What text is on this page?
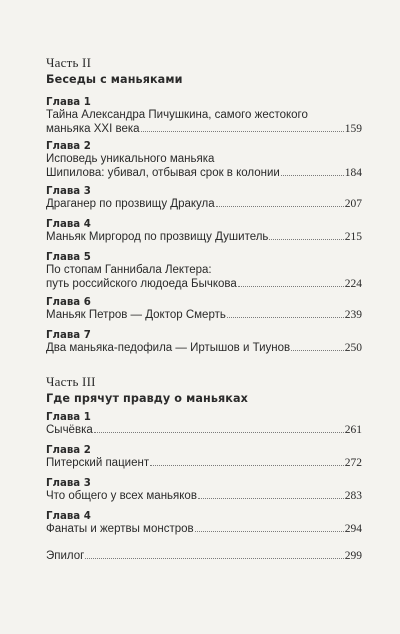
Часть II
Беседы с маньяками
Глава 1
Тайна Александра Пичушкина, самого жестокого
маньяка XXI века	159
Глава 2
Исповедь уникального маньяка
Шипилова: убивал, отбывая срок в колонии	184
Глава 3
Драганер по прозвищу Дракула	207
Глава 4
Маньяк Миргород по прозвищу Душитель	215
Глава 5
По стопам Ганнибала Лектера:
путь российского людоеда Бычкова	224
Глава 6
Маньяк Петров — Доктор Смерть	239
Глава 7
Два маньяка-педофила — Иртышов и Тиунов	250
Часть III
Где прячут правду о маньяках
Глава 1
Сычёвка	261
Глава 2
Питерский пациент	272
Глава 3
Что общего у всех маньяков	283
Глава 4
Фанаты и жертвы монстров	294
Эпилог	299
